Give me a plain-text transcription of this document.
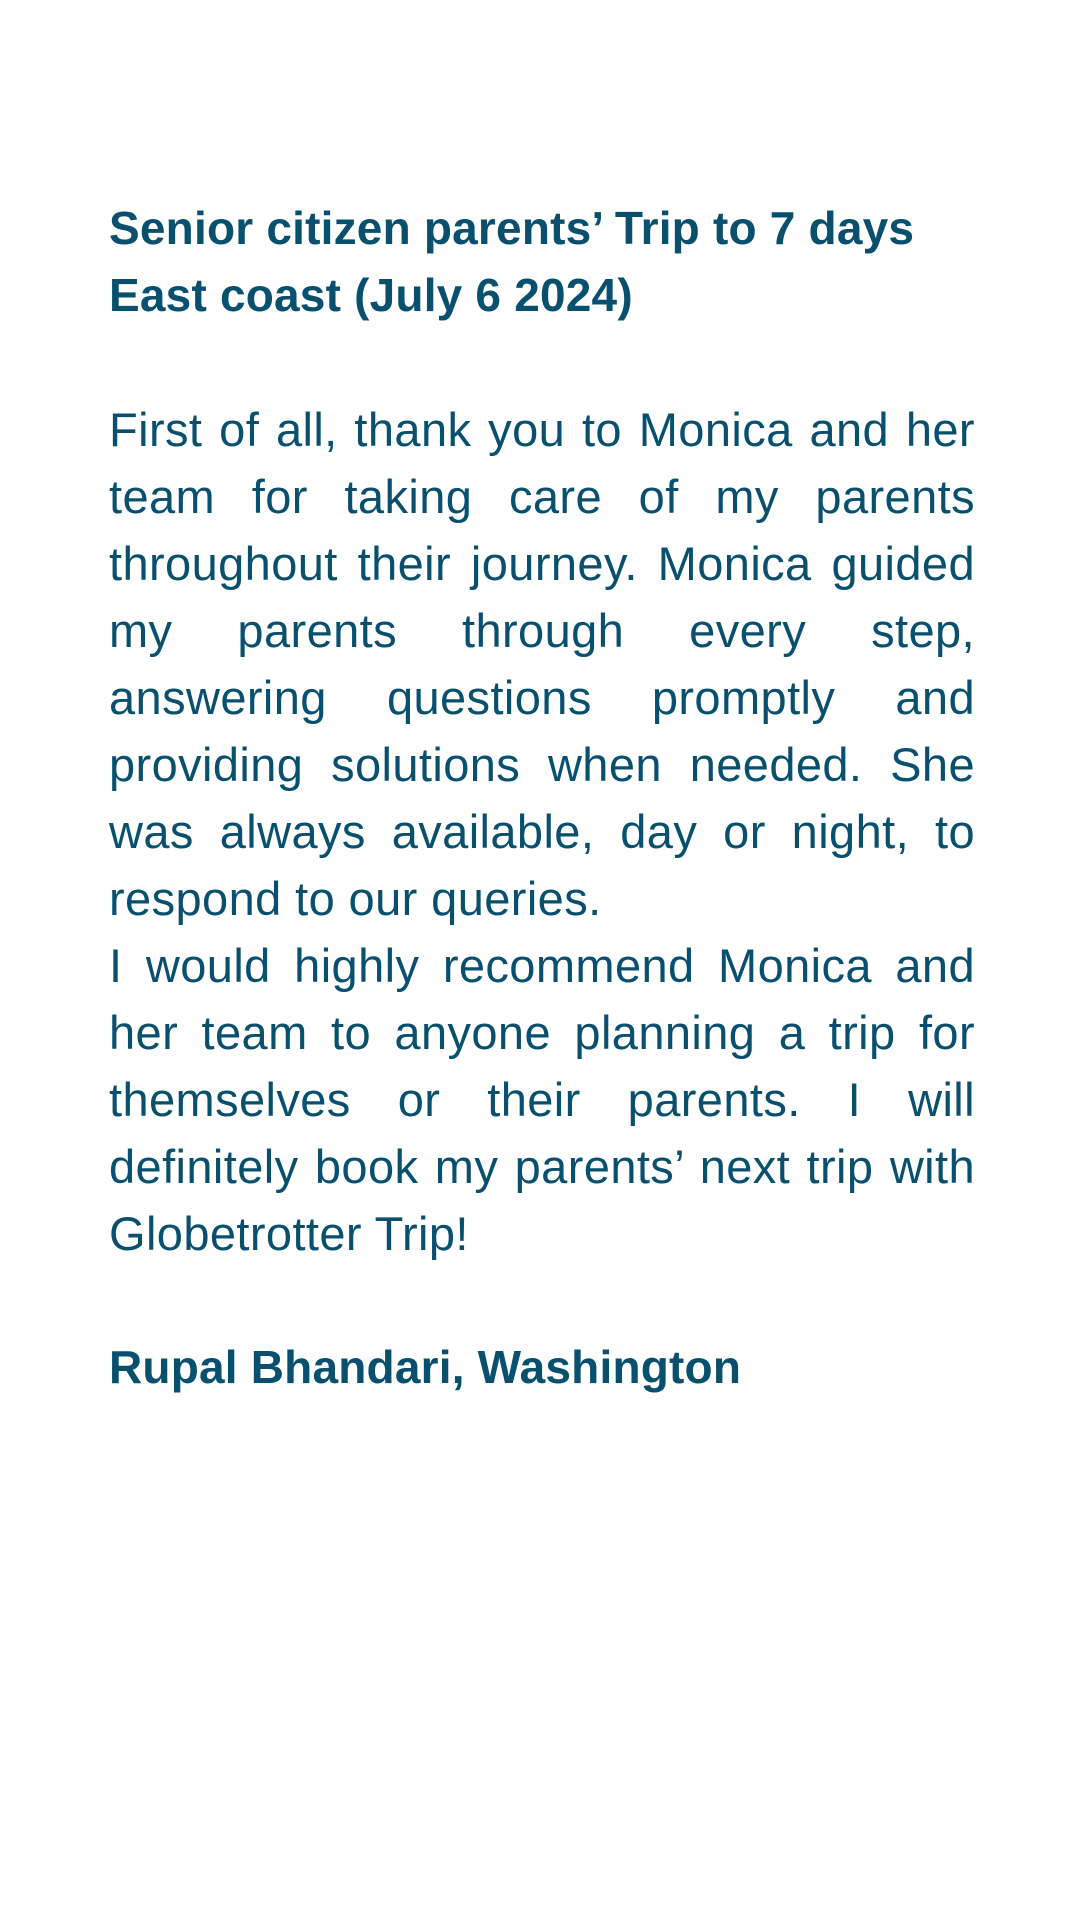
Senior citizen parents’ Trip to 7 days East coast (July 6 2024)

First of all, thank you to Monica and her team for taking care of my parents throughout their journey. Monica guided my parents through every step, answering questions promptly and providing solutions when needed. She was always available, day or night, to respond to our queries.

I would highly recommend Monica and her team to anyone planning a trip for themselves or their parents. I will definitely book my parents’ next trip with Globetrotter Trip!

Rupal Bhandari, Washington
